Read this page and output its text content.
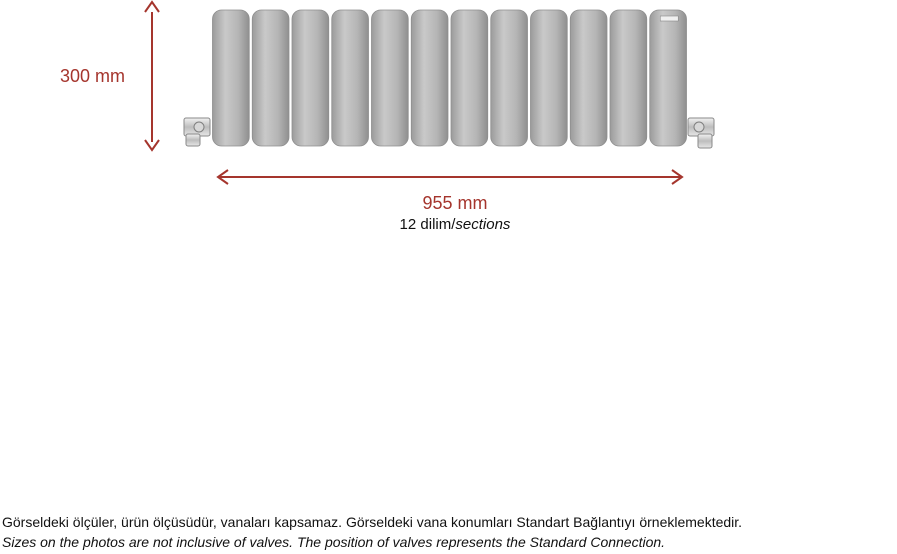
300 mm
955 mm
12 dilim/sections
Görseldeki ölçüler, ürün ölçüsüdür, vanaları kapsamaz. Görseldeki vana konumları Standart Bağlantıyı örneklemektedir.
Sizes on the photos are not inclusive of valves. The position of valves represents the Standard Connection.
